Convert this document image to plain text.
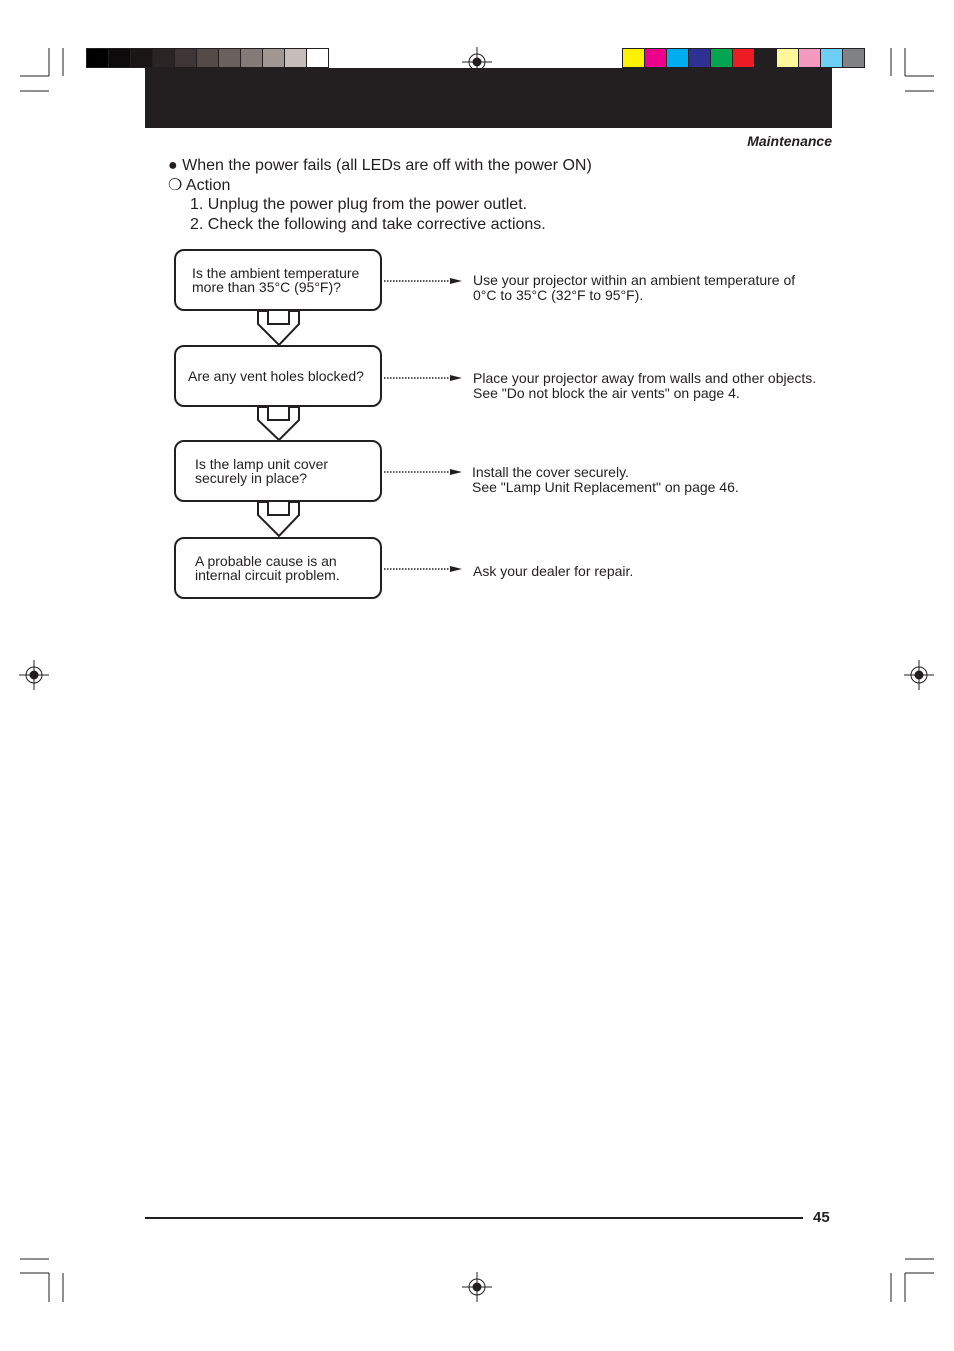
Maintenance
● When the power fails (all LEDs are off with the power ON)
❍ Action
1. Unplug the power plug from the power outlet.
2. Check the following and take corrective actions.
Is the ambient temperature
more than 35°C (95°F)?
Are any vent holes blocked?
Is the lamp unit cover
securely in place?
A probable cause is an
internal circuit problem.
Use your projector within an ambient temperature of
0°C to 35°C (32°F to 95°F).
Place your projector away from walls and other objects.
See "Do not block the air vents" on page 4.
Install the cover securely.
See "Lamp Unit Replacement" on page 46.
Ask your dealer for repair.
45
